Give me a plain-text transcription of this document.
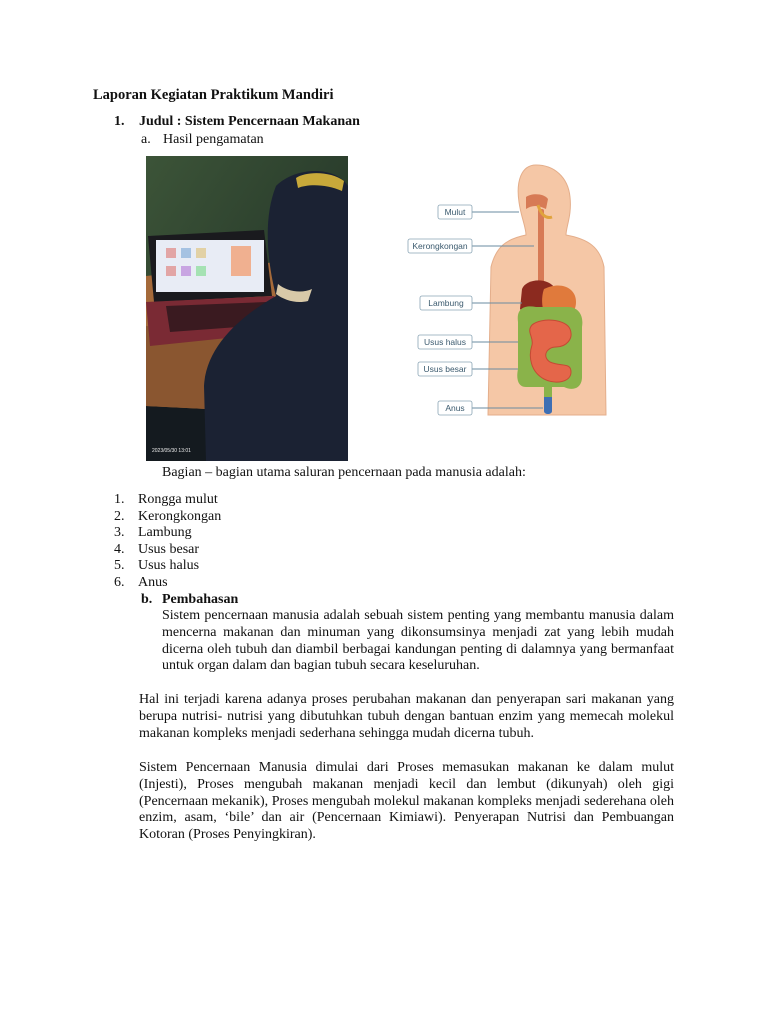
Laporan Kegiatan Praktikum Mandiri
1. Judul : Sistem Pencernaan Makanan
a. Hasil pengamatan
2023/05/30 13:01
Mulut
Kerongkongan
Lambung
Usus halus
Usus besar
Anus
Bagian – bagian utama saluran pencernaan pada manusia adalah:
1. Rongga mulut
2. Kerongkongan
3. Lambung
4. Usus besar
5. Usus halus
6. Anus
b. Pembahasan

Sistem pencernaan manusia adalah sebuah sistem penting yang membantu manusia dalam mencerna makanan dan minuman yang dikonsumsinya menjadi zat yang lebih mudah dicerna oleh tubuh dan diambil berbagai kandungan penting di dalamnya yang bermanfaat untuk organ dalam dan bagian tubuh secara keseluruhan.

Hal ini terjadi karena adanya proses perubahan makanan dan penyerapan sari makanan yang berupa nutrisi- nutrisi yang dibutuhkan tubuh dengan bantuan enzim yang memecah molekul makanan kompleks menjadi sederhana sehingga mudah dicerna tubuh.

Sistem Pencernaan Manusia dimulai dari Proses memasukan makanan ke dalam mulut (Injesti), Proses mengubah makanan menjadi kecil dan lembut (dikunyah) oleh gigi (Pencernaan mekanik), Proses mengubah molekul makanan kompleks menjadi sederehana oleh enzim, asam, ‘bile’ dan air (Pencernaan Kimiawi). Penyerapan Nutrisi dan Pembuangan Kotoran (Proses Penyingkiran).
